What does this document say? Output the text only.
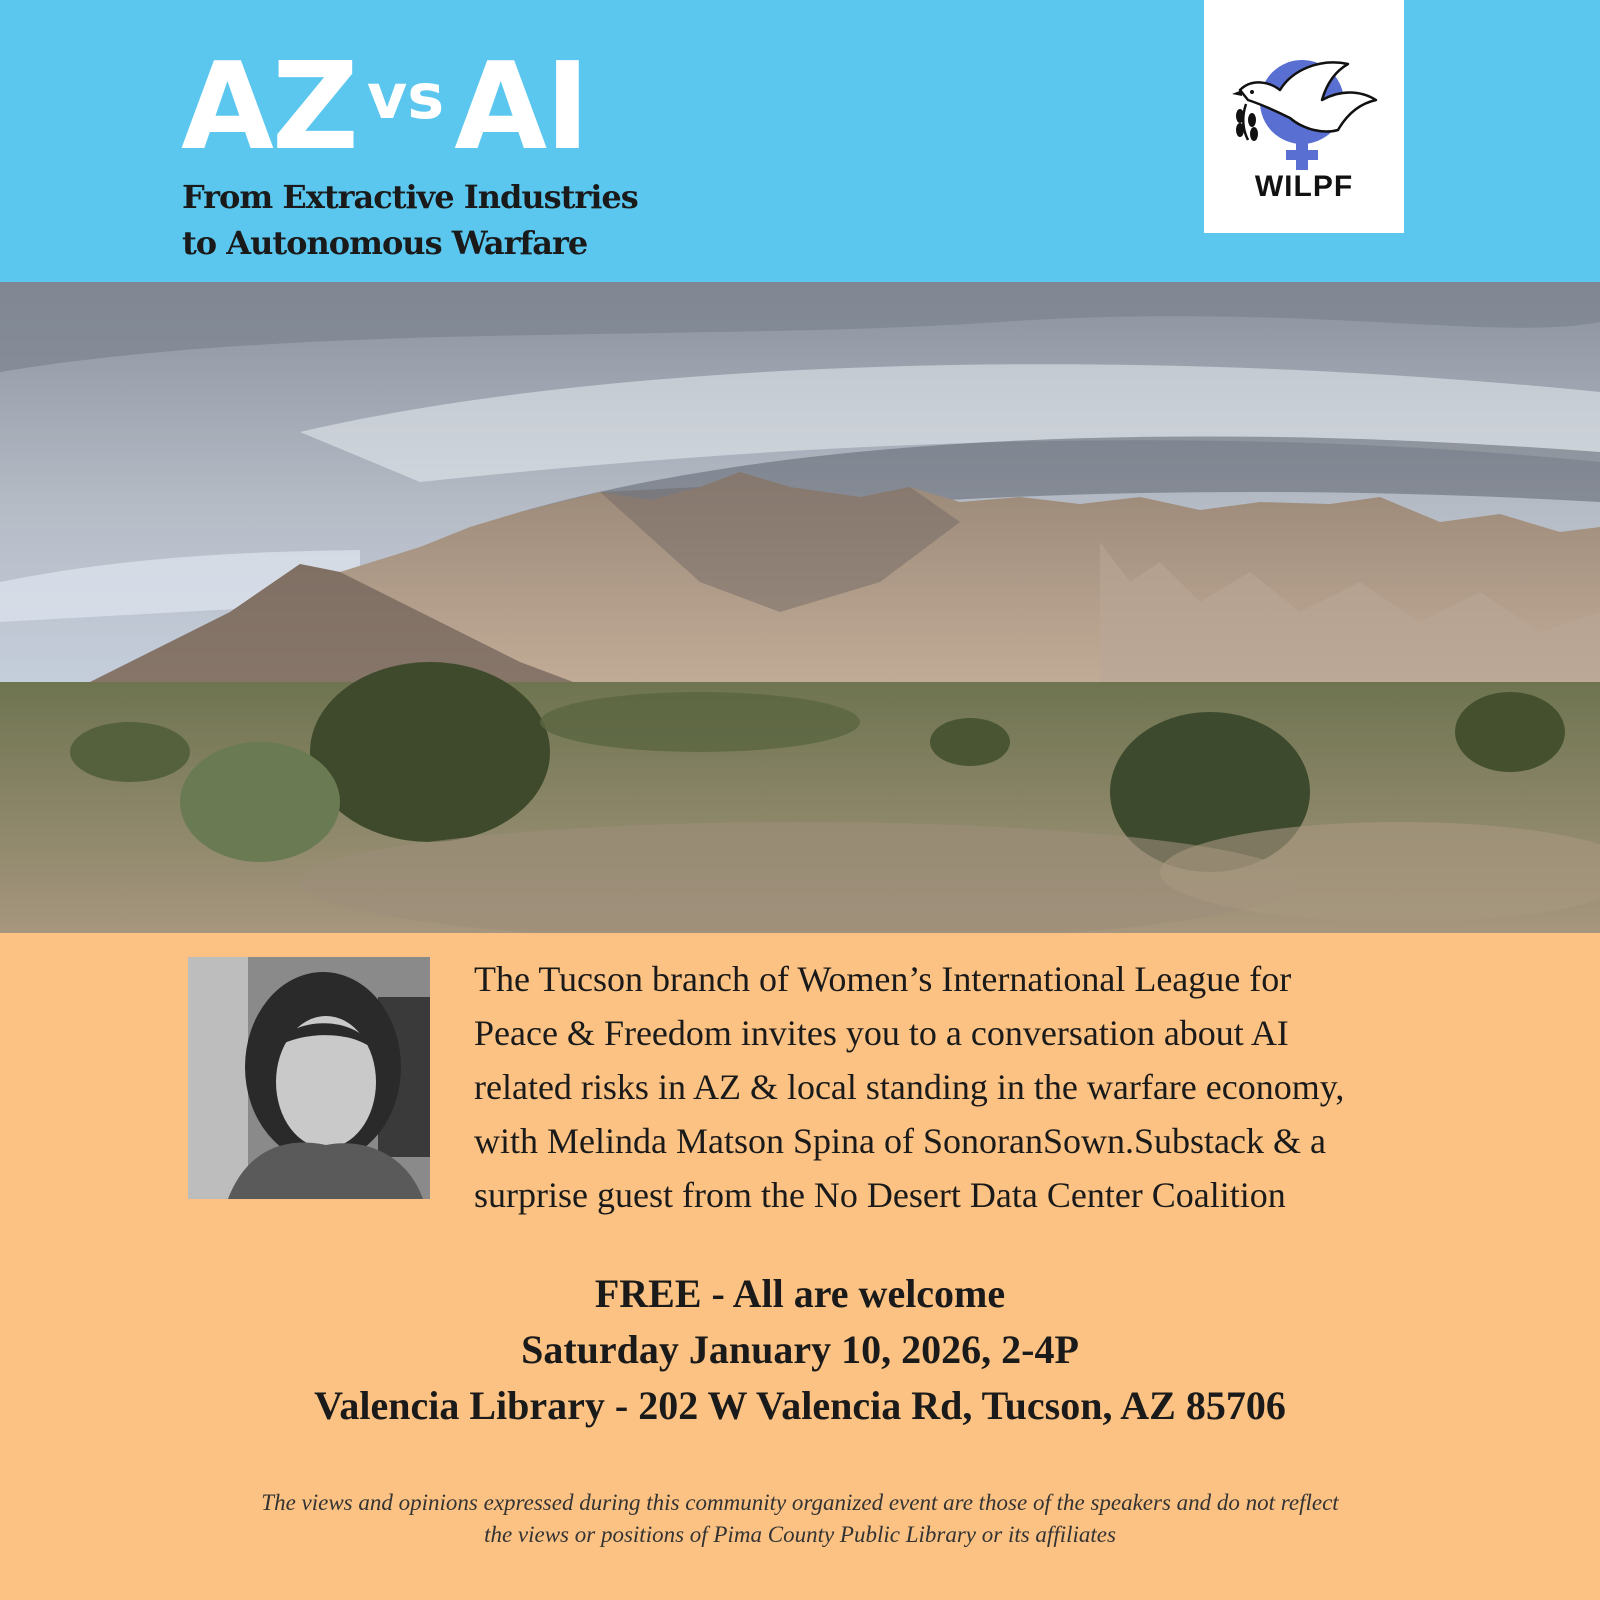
AZ $^{vs}$AI
From Extractive Industries
to Autonomous Warfare
WILPF
The Tucson branch of Women’s International League for
Peace & Freedom invites you to a conversation about AI
related risks in AZ & local standing in the warfare economy,
with Melinda Matson Spina of SonoranSown.Substack & a
surprise guest from the No Desert Data Center Coalition
FREE - All are welcome
Saturday January 10, 2026, 2-4P
Valencia Library - 202 W Valencia Rd, Tucson, AZ 85706
The views and opinions expressed during this community organized event are those of the speakers and do not reflect
the views or positions of Pima County Public Library or its affiliates
